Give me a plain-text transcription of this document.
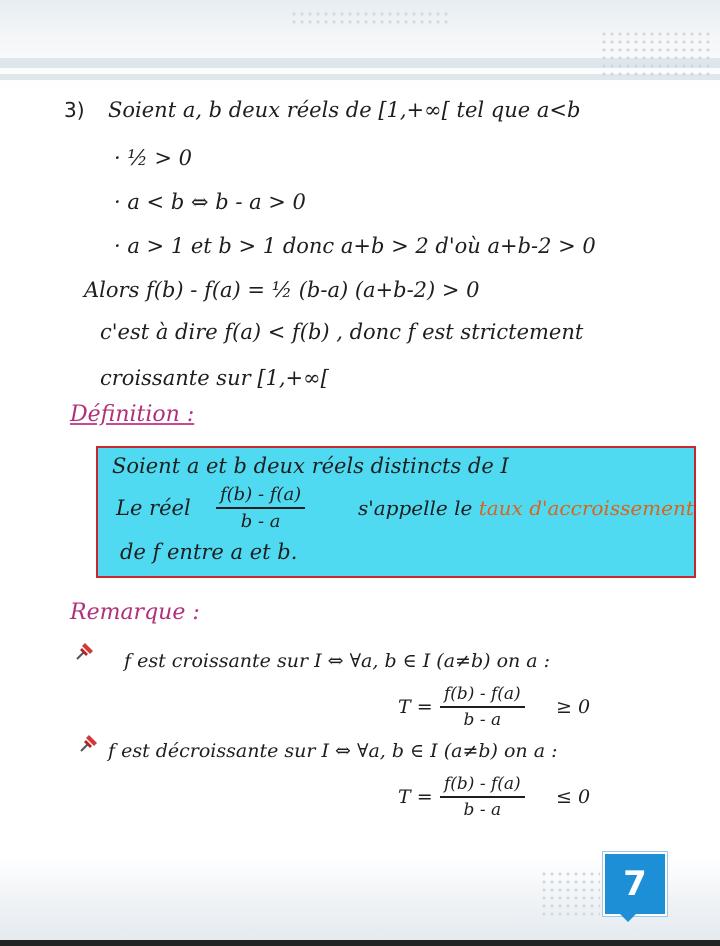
3) Soient a, b deux réels de [1,+∞[ tel que a<b
· ½ > 0
· a < b ⇔ b - a > 0
· a > 1 et b > 1 donc a+b > 2 d'où a+b-2 > 0
Alors f(b) - f(a) = ½ (b-a) (a+b-2) > 0
c'est à dire f(a) < f(b) , donc f est strictement
croissante sur [1,+∞[
Définition :
Soient a et b deux réels distincts de I
Le réel $\frac{f(b) - f(a)}{b - a}$	s'appelle le taux d'accroissement
de f entre a et b.
Remarque :
f est croissante sur I ⇔ ∀a, b ∈ I (a≠b) on a :
$T = \frac{f(b) - f(a)}{b - a} \ge 0$
f est décroissante sur I ⇔ ∀a, b ∈ I (a≠b) on a :
$T = \frac{f(b) - f(a)}{b - a} \le 0$
7
